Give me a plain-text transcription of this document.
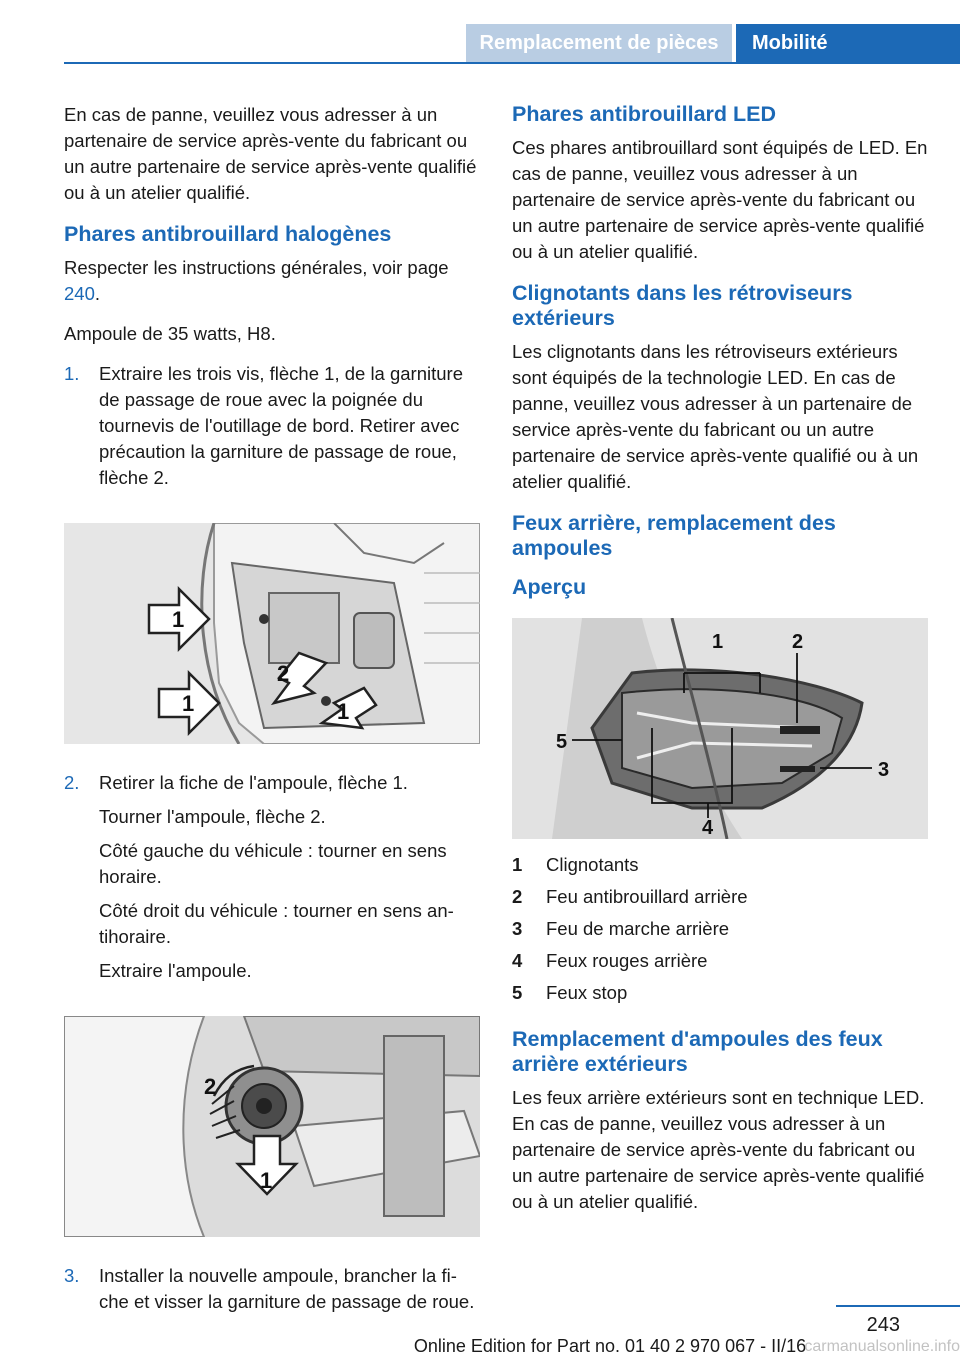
Remplacement de pièces	Mobilité

En cas de panne, veuillez vous adresser à un partenaire de service après-vente du fabricant ou un autre partenaire de service après-vente qualifié ou à un atelier qualifié.

Phares antibrouillard halogènes

Respecter les instructions générales, voir page 240.

Ampoule de 35 watts, H8.

1.	Extraire les trois vis, flèche 1, de la garniture de passage de roue avec la poignée du tournevis de l'outillage de bord. Retirer avec précaution la garniture de passage de roue, flèche 2.

1
2
1	1
2.	Retirer la fiche de l'ampoule, flèche 1.

Tourner l'ampoule, flèche 2.

Côté gauche du véhicule : tourner en sens horaire.

Côté droit du véhicule : tourner en sens antihoraire.

Extraire l'ampoule.

2
1
3.	Installer la nouvelle ampoule, brancher la fiche et visser la garniture de passage de roue.

Phares antibrouillard LED

Ces phares antibrouillard sont équipés de LED. En cas de panne, veuillez vous adresser à un partenaire de service après-vente du fabricant ou un autre partenaire de service après-vente qualifié ou à un atelier qualifié.

Clignotants dans les rétroviseurs extérieurs

Les clignotants dans les rétroviseurs extérieurs sont équipés de la technologie LED. En cas de panne, veuillez vous adresser à un partenaire de service après-vente du fabricant ou un autre partenaire de service après-vente qualifié ou à un atelier qualifié.

Feux arrière, remplacement des ampoules
Aperçu
1	2
5
3
4
1	Clignotants
2	Feu antibrouillard arrière
3	Feu de marche arrière
4	Feux rouges arrière
5	Feux stop
Remplacement d'ampoules des feux arrière extérieurs

Les feux arrière extérieurs sont en technique LED. En cas de panne, veuillez vous adresser à un partenaire de service après-vente du fabricant ou un autre partenaire de service après-vente qualifié ou à un atelier qualifié.

243
Online Edition for Part no. 01 40 2 970 067 - II/16
carmanualsonline.info
